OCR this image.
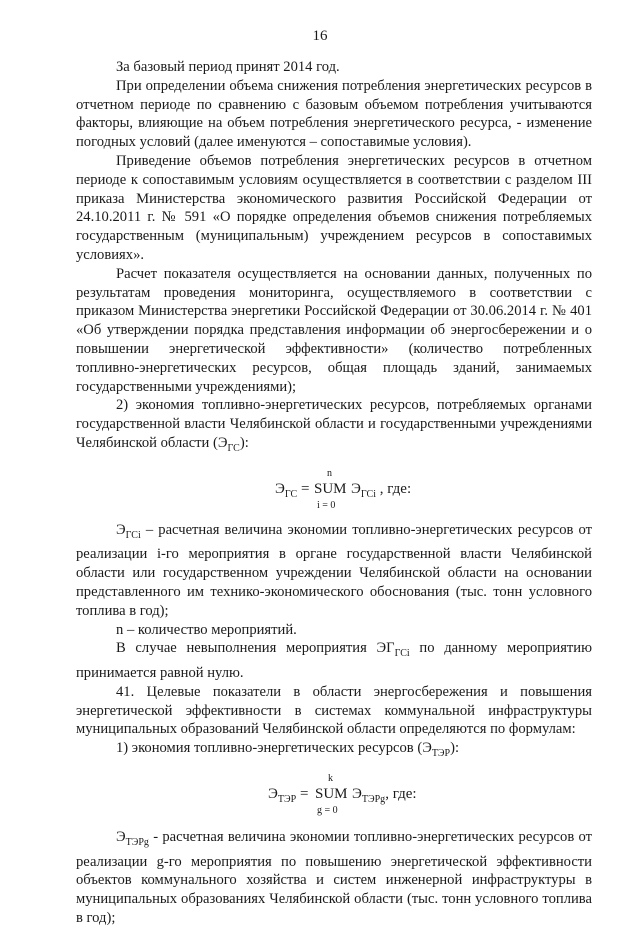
16

За базовый период принят 2014 год.

При определении объема снижения потребления энергетических ресурсов в отчетном периоде по сравнению с базовым объемом потребления учитываются факторы, влияющие на объем потребления энергетического ресурса, - изменение погодных условий (далее именуются – сопоставимые условия).

Приведение объемов потребления энергетических ресурсов в отчетном периоде к сопоставимым условиям осуществляется в соответствии с разделом III приказа Министерства экономического развития Российской Федерации от 24.10.2011 г. № 591 «О порядке определения объемов снижения потребляемых государственным (муниципальным) учреждением ресурсов в сопоставимых условиях».

Расчет показателя осуществляется на основании данных, полученных по результатам проведения мониторинга, осуществляемого в соответствии с приказом Министерства энергетики Российской Федерации от 30.06.2014 г. № 401 «Об утверждении порядка представления информации об энергосбережении и о повышении энергетической эффективности» (количество потребленных топливно-энергетических ресурсов, общая площадь зданий, занимаемых государственными учреждениями);

2) экономия топливно-энергетических ресурсов, потребляемых органами государственной власти Челябинской области и государственными учреждениями Челябинской области $(Э_{ГС})$:

$Э_{ГС}$ =
n
SUM
i = 0
$Э_{ГСi}$ , где:

$Э_{ГСi}$ – расчетная величина экономии топливно-энергетических ресурсов от реализации i-го мероприятия в органе государственной власти Челябинской области или государственном учреждении Челябинской области на основании представленного им технико-экономического обоснования (тыс. тонн условного топлива в год);

n – количество мероприятий.

В случае невыполнения мероприятия $ЭГ_{ГСi}$ по данному мероприятию принимается равной нулю.

41. Целевые показатели в области энергосбережения и повышения энергетической эффективности в системах коммунальной инфраструктуры муниципальных образований Челябинской области определяются по формулам:

1) экономия топливно-энергетических ресурсов $(Э_{ТЭР})$:

$Э_{ТЭР}$ =
k
SUM
g = 0
$Э_{ТЭРg}$, где:

$Э_{ТЭРg}$ - расчетная величина экономии топливно-энергетических ресурсов от реализации g-го мероприятия по повышению энергетической эффективности объектов коммунального хозяйства и систем инженерной инфраструктуры в муниципальных образованиях Челябинской области (тыс. тонн условного топлива в год);
